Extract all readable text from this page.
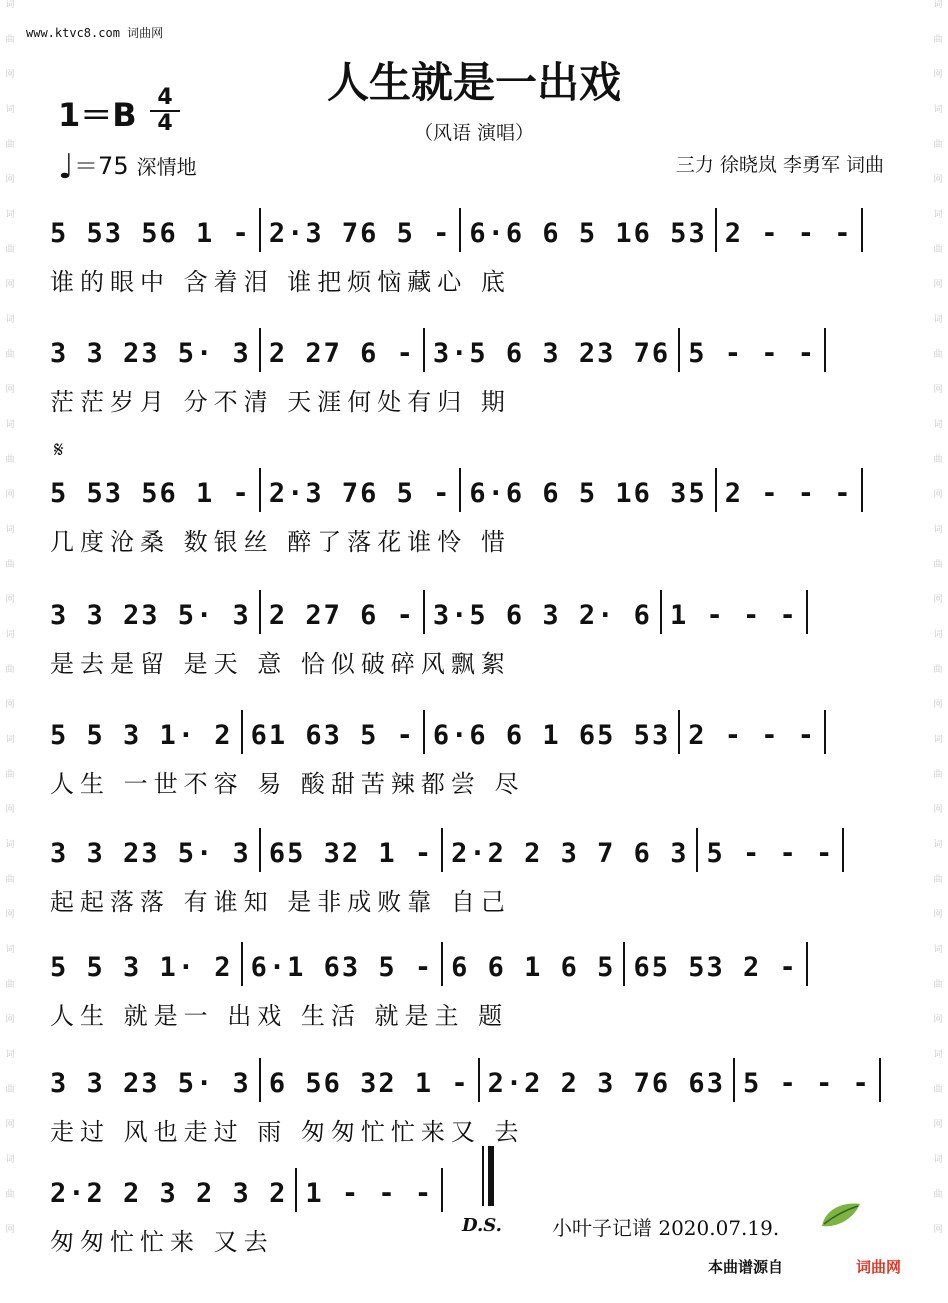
词
曲
网
词
曲
网
词
曲
网
词
曲
网
词
曲
网
词
曲
网
词
曲
网
词
曲
网
词
曲
网
词
曲
网
词
曲
网
词
曲
网
词
曲
网
词
曲
网
词
曲
网
词
曲
网
词
曲
网
词
曲
网
词
曲
网
词
曲
网
词
曲
网
词
曲
网
词
曲
网
词
曲
网
www.ktvc8.com 词曲网
人生就是一出戏
（风语 演唱）
1＝B 4
4
♩＝75 深情地	三力 徐晓岚 李勇军 词曲
5 53 56 1 - 2·3 76 5 - 6·6 6 5 16 53 2 - - -
谁的眼中 含着泪 谁把烦恼藏心 底
3 3 23 5· 3 2 27 6 - 3·5 6 3 23 76 5 - - -
茫茫岁月 分不清 天涯何处有归 期
𝄋
5 53 56 1 - 2·3 76 5 - 6·6 6 5 16 35 2 - - -
几度沧桑 数银丝 醉了落花谁怜 惜
3 3 23 5· 3 2 27 6 - 3·5 6 3 2· 6 1 - - -
是去是留 是天 意 恰似破碎风飘絮
5 5 3 1· 2 61 63 5 - 6·6 6 1 65 53 2 - - -
人生 一世不容 易 酸甜苦辣都尝 尽
3 3 23 5· 3 65 32 1 - 2·2 2 3 7 6 3 5 - - -
起起落落 有谁知 是非成败靠 自己
5 5 3 1· 2 6·1 63 5 - 6 6 1 6 5 65 53 2 -
人生 就是一 出戏 生活 就是主 题
3 3 23 5· 3 6 56 32 1 - 2·2 2 3 76 63 5 - - -
走过 风也走过 雨 匆匆忙忙来又 去
2·2 2 3 2 3 2 1 - - -
匆匆忙忙来 又去
D.S.	小叶子记谱 2020.07.19.
本曲谱源自	词曲网
